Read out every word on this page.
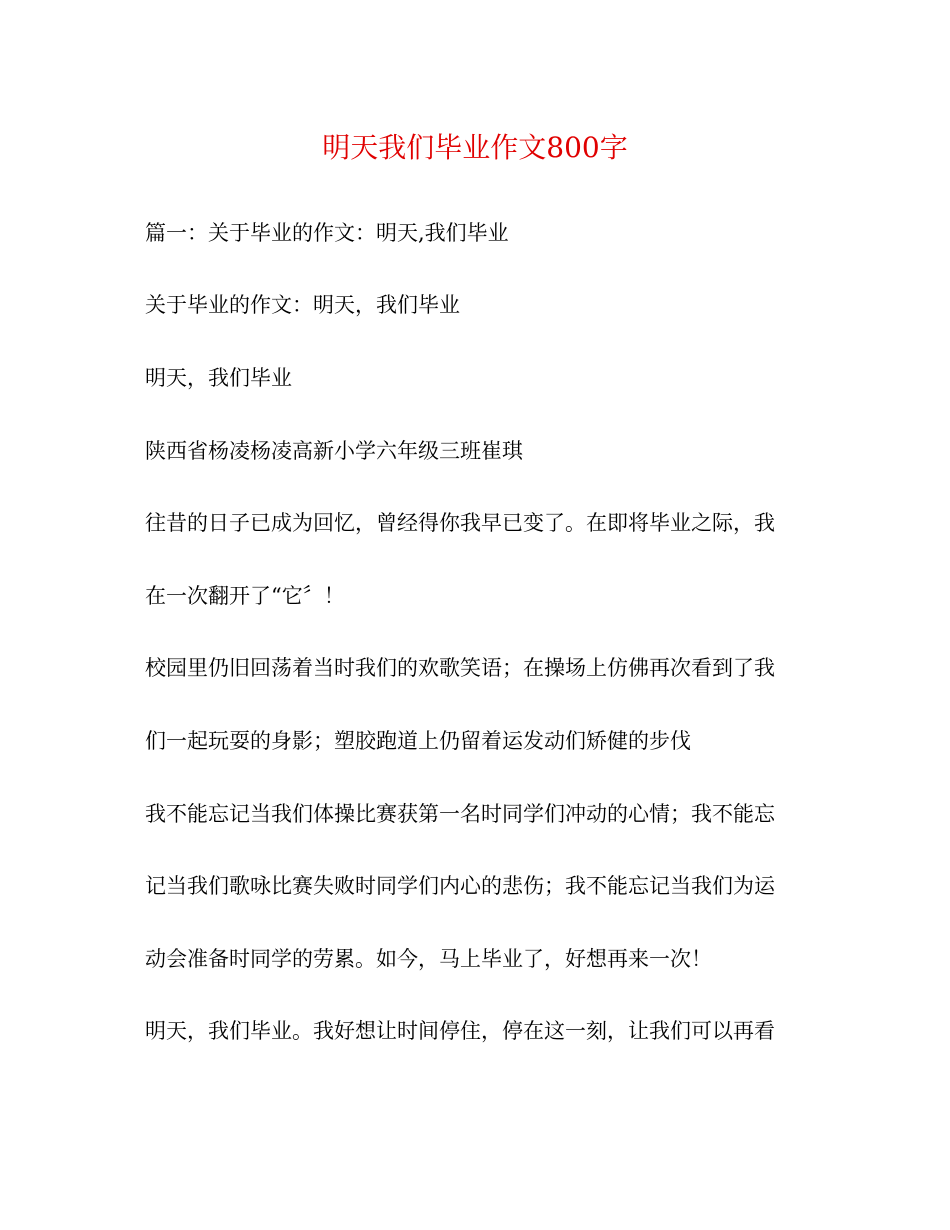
明天我们毕业作文800字
篇一：关于毕业的作文：明天,我们毕业
关于毕业的作文：明天，我们毕业
明天，我们毕业
陕西省杨凌杨凌高新小学六年级三班崔琪
往昔的日子已成为回忆，曾经得你我早已变了。在即将毕业之际，我
在一次翻开了“它〞！
校园里仍旧回荡着当时我们的欢歌笑语；在操场上仿佛再次看到了我
们一起玩耍的身影；塑胶跑道上仍留着运发动们矫健的步伐
我不能忘记当我们体操比赛获第一名时同学们冲动的心情；我不能忘
记当我们歌咏比赛失败时同学们内心的悲伤；我不能忘记当我们为运
动会准备时同学的劳累。如今，马上毕业了，好想再来一次！
明天，我们毕业。我好想让时间停住，停在这一刻，让我们可以再看
